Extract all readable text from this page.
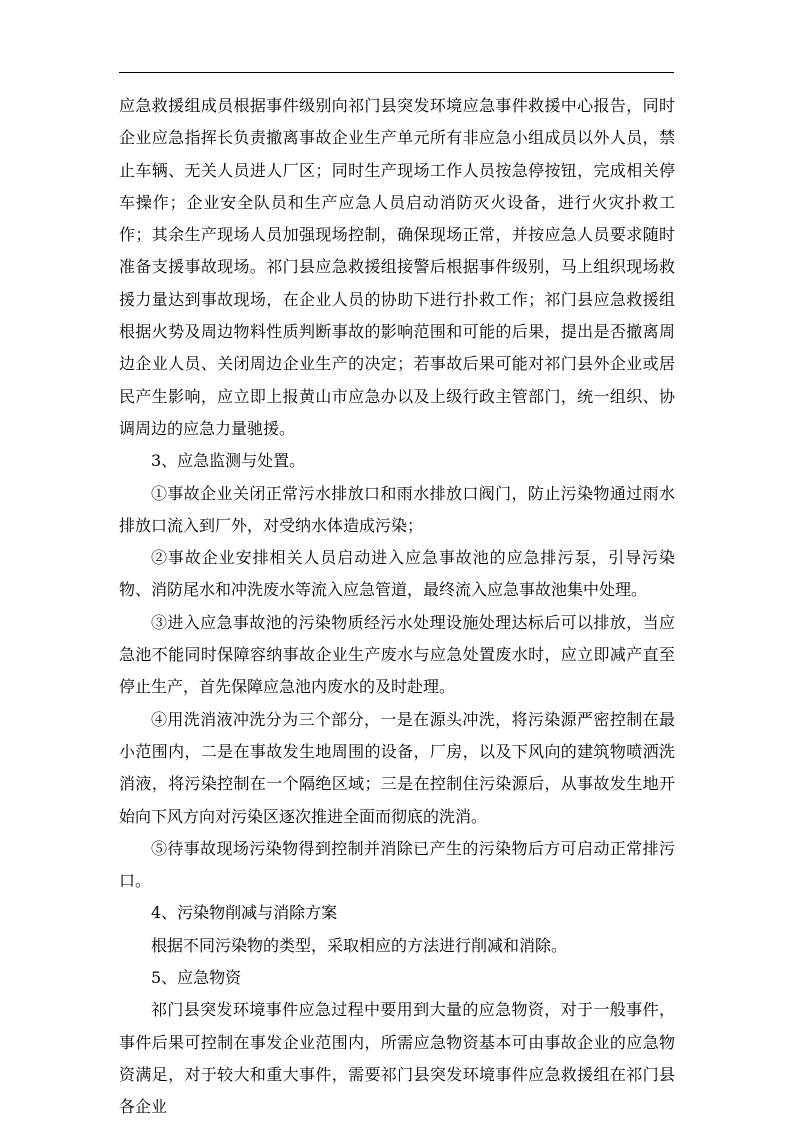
应急救援组成员根据事件级别向祁门县突发环境应急事件救援中心报告，同时企业应急指挥长负责撤离事故企业生产单元所有非应急小组成员以外人员，禁止车辆、无关人员进人厂区；同时生产现场工作人员按急停按钮，完成相关停车操作；企业安全队员和生产应急人员启动消防灭火设备，进行火灾扑救工作；其余生产现场人员加强现场控制，确保现场正常，并按应急人员要求随时准备支援事故现场。祁门县应急救援组接警后根据事件级别，马上组织现场救援力量达到事故现场，在企业人员的协助下进行扑救工作；祁门县应急救援组根据火势及周边物料性质判断事故的影响范围和可能的后果，提出是否撤离周边企业人员、关闭周边企业生产的决定；若事故后果可能对祁门县外企业或居民产生影响，应立即上报黄山市应急办以及上级行政主管部门，统一组织、协调周边的应急力量驰援。

3、应急监测与处置。

①事故企业关闭正常污水排放口和雨水排放口阀门，防止污染物通过雨水排放口流入到厂外，对受纳水体造成污染；

②事故企业安排相关人员启动进入应急事故池的应急排污泵，引导污染物、消防尾水和冲洗废水等流入应急管道，最终流入应急事故池集中处理。

③进入应急事故池的污染物质经污水处理设施处理达标后可以排放，当应急池不能同时保障容纳事故企业生产废水与应急处置废水时，应立即减产直至停止生产，首先保障应急池内废水的及时赴理。

④用洗消液冲洗分为三个部分，一是在源头冲洗，将污染源严密控制在最小范围内，二是在事故发生地周围的设备，厂房，以及下风向的建筑物喷洒洗消液，将污染控制在一个隔绝区域；三是在控制住污染源后，从事故发生地开始向下风方向对污染区逐次推进全面而彻底的洗消。

⑤待事故现场污染物得到控制并消除已产生的污染物后方可启动正常排污口。

4、污染物削减与消除方案

根据不同污染物的类型，采取相应的方法进行削减和消除。

5、应急物资

祁门县突发环境事件应急过程中要用到大量的应急物资，对于一般事件，事件后果可控制在事发企业范围内，所需应急物资基本可由事故企业的应急物资满足，对于较大和重大事件，需要祁门县突发环境事件应急救援组在祁门县各企业
